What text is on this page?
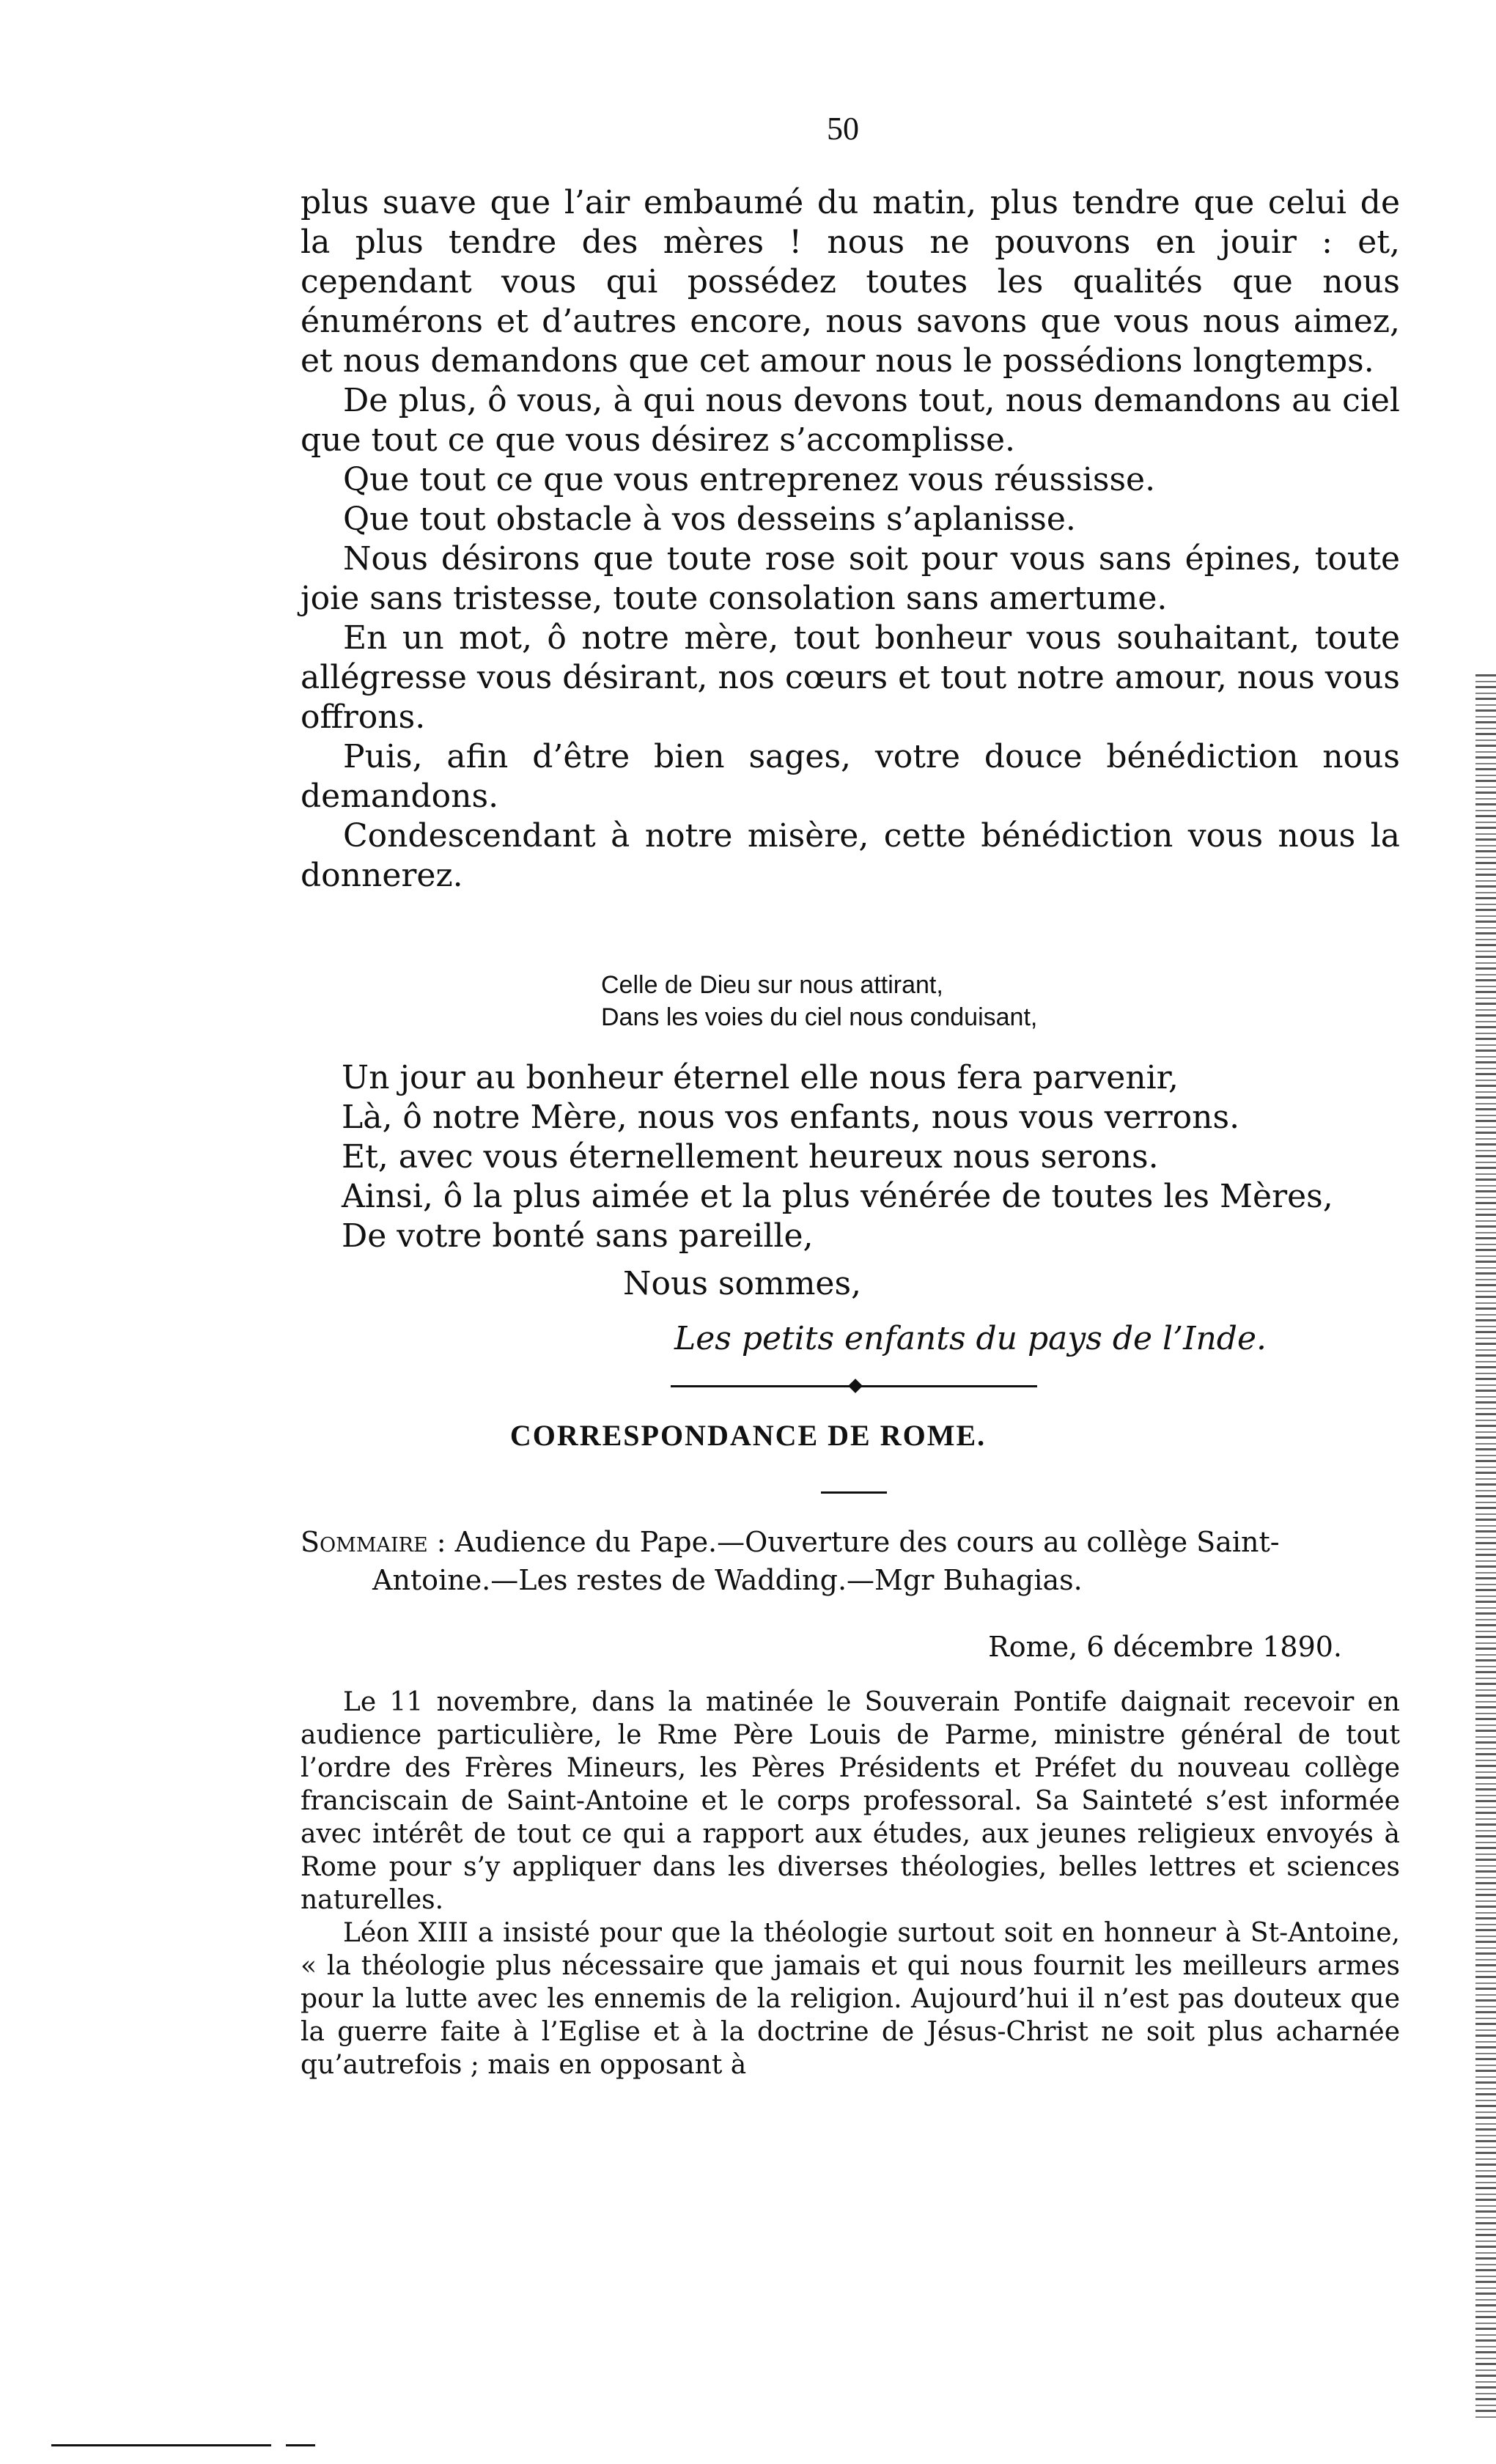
50

plus suave que l’air embaumé du matin, plus tendre que celui de la plus tendre des mères ! nous ne pouvons en jouir : et, cependant vous qui possédez toutes les qualités que nous énumérons et d’autres encore, nous savons que vous nous aimez, et nous demandons que cet amour nous le possédions longtemps.

De plus, ô vous, à qui nous devons tout, nous demandons au ciel que tout ce que vous désirez s’accomplisse.

Que tout ce que vous entreprenez vous réussisse.

Que tout obstacle à vos desseins s’aplanisse.

Nous désirons que toute rose soit pour vous sans épines, toute joie sans tristesse, toute consolation sans amertume.

En un mot, ô notre mère, tout bonheur vous souhaitant, toute allégresse vous désirant, nos cœurs et tout notre amour, nous vous offrons.

Puis, afin d’être bien sages, votre douce bénédiction nous demandons.

Condescendant à notre misère, cette bénédiction vous nous la donnerez.

Celle de Dieu sur nous attirant,
Dans les voies du ciel nous conduisant,
Un jour au bonheur éternel elle nous fera parvenir,
Là, ô notre Mère, nous vos enfants, nous vous verrons.
Et, avec vous éternellement heureux nous serons.
Ainsi, ô la plus aimée et la plus vénérée de toutes les Mères,
De votre bonté sans pareille,
Nous sommes,
Les petits enfants du pays de l’Inde.
CORRESPONDANCE DE ROME.
Sommaire : Audience du Pape.—Ouverture des cours au collège Saint-
Antoine.—Les restes de Wadding.—Mgr Buhagias.
Rome, 6 décembre 1890.

Le 11 novembre, dans la matinée le Souverain Pontife daignait recevoir en audience particulière, le Rme Père Louis de Parme, ministre général de tout l’ordre des Frères Mineurs, les Pères Présidents et Préfet du nouveau collège franciscain de Saint-Antoine et le corps professoral. Sa Sainteté s’est informée avec intérêt de tout ce qui a rapport aux études, aux jeunes religieux envoyés à Rome pour s’y appliquer dans les diverses théologies, belles lettres et sciences naturelles.

Léon XIII a insisté pour que la théologie surtout soit en honneur à St-Antoine, « la théologie plus nécessaire que jamais et qui nous fournit les meilleurs armes pour la lutte avec les ennemis de la religion. Aujourd’hui il n’est pas douteux que la guerre faite à l’Eglise et à la doctrine de Jésus-Christ ne soit plus acharnée qu’autrefois ; mais en opposant à
